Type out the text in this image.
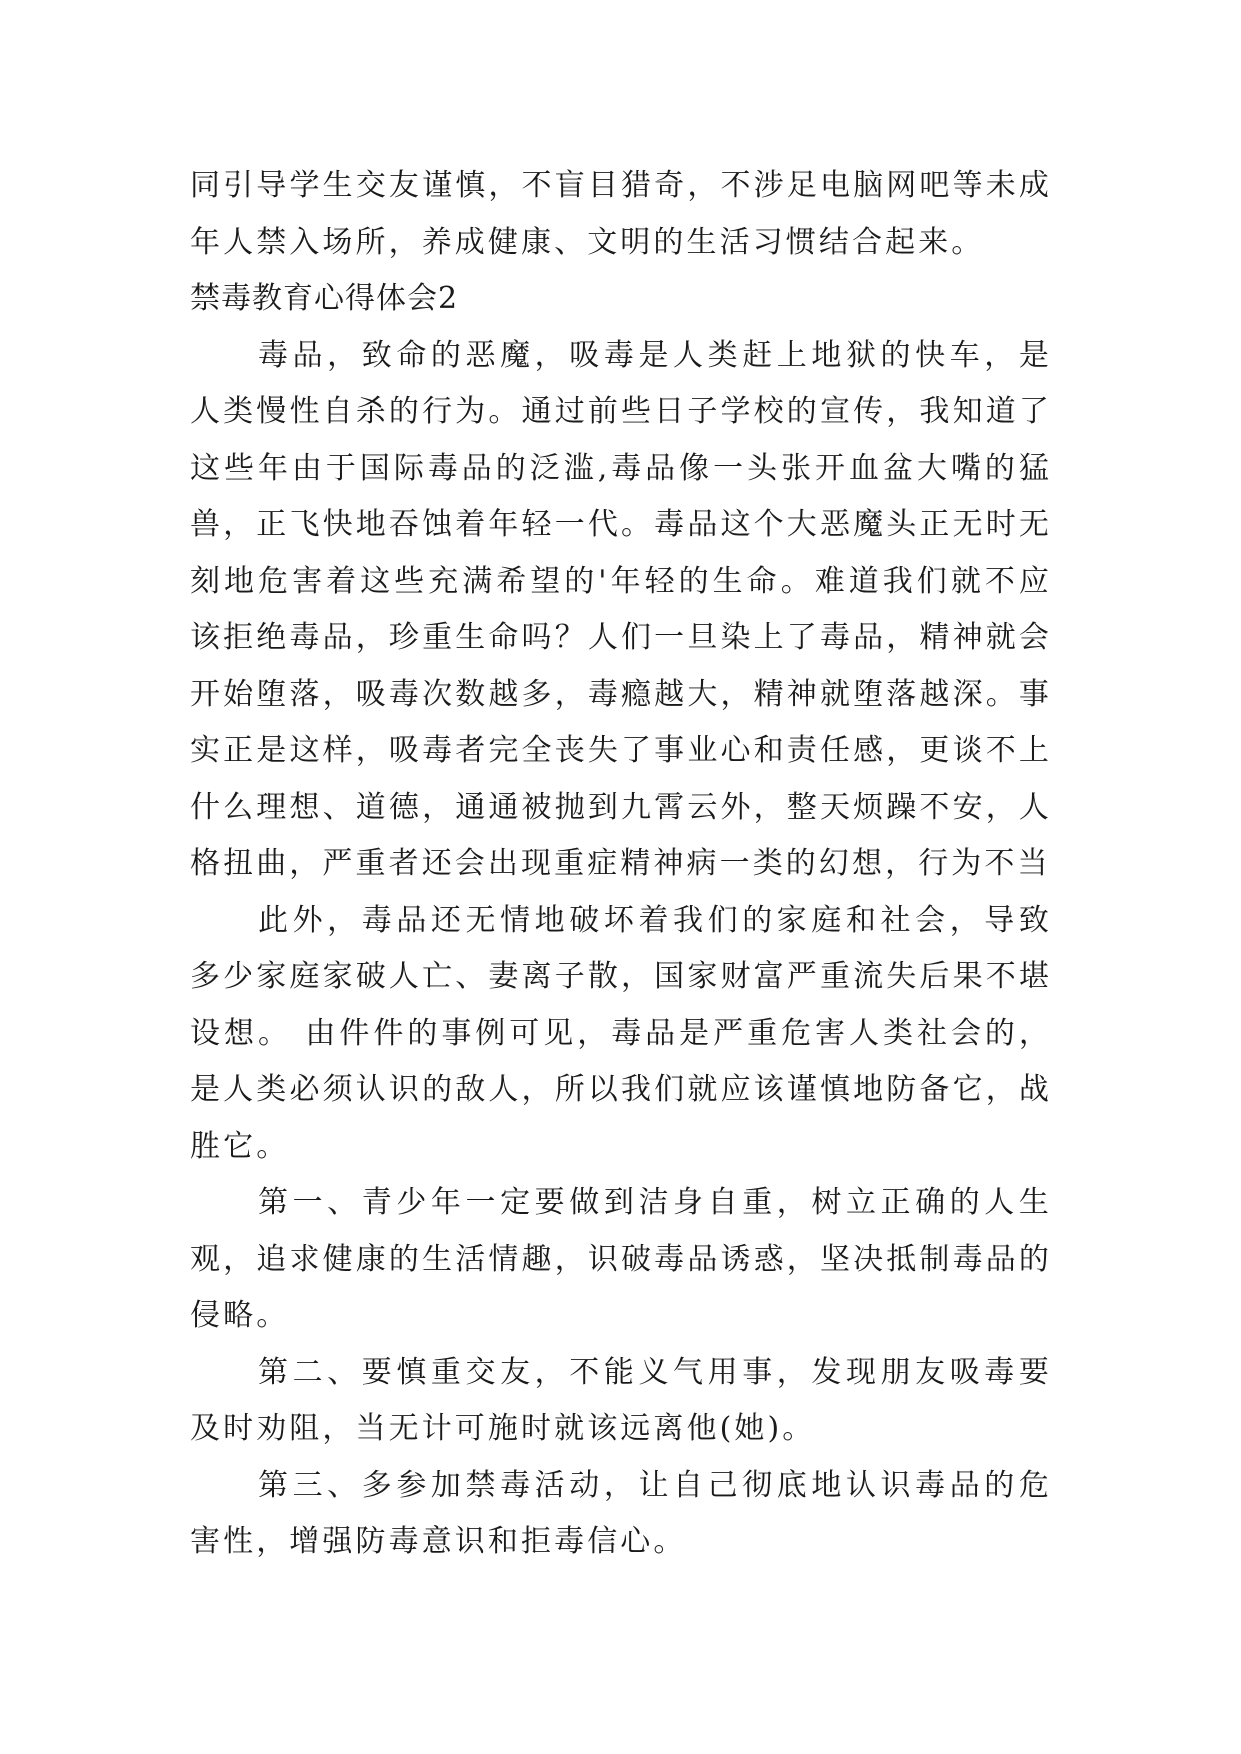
同引导学生交友谨慎，不盲目猎奇，不涉足电脑网吧等未成年人禁入场所，养成健康、文明的生活习惯结合起来。

禁毒教育心得体会2

毒品，致命的恶魔，吸毒是人类赶上地狱的快车，是人类慢性自杀的行为。通过前些日子学校的宣传，我知道了这些年由于国际毒品的泛滥,毒品像一头张开血盆大嘴的猛兽，正飞快地吞蚀着年轻一代。毒品这个大恶魔头正无时无刻地危害着这些充满希望的'年轻的生命。难道我们就不应该拒绝毒品，珍重生命吗？人们一旦染上了毒品，精神就会开始堕落，吸毒次数越多，毒瘾越大，精神就堕落越深。事实正是这样，吸毒者完全丧失了事业心和责任感，更谈不上什么理想、道德，通通被抛到九霄云外，整天烦躁不安，人格扭曲，严重者还会出现重症精神病一类的幻想，行为不当

此外，毒品还无情地破坏着我们的家庭和社会，导致多少家庭家破人亡、妻离子散，国家财富严重流失后果不堪设想。 由件件的事例可见，毒品是严重危害人类社会的，是人类必须认识的敌人，所以我们就应该谨慎地防备它，战胜它。

第一、青少年一定要做到洁身自重，树立正确的人生观，追求健康的生活情趣，识破毒品诱惑，坚决抵制毒品的侵略。

第二、要慎重交友，不能义气用事，发现朋友吸毒要及时劝阻，当无计可施时就该远离他(她)。

第三、多参加禁毒活动，让自己彻底地认识毒品的危害性，增强防毒意识和拒毒信心。
